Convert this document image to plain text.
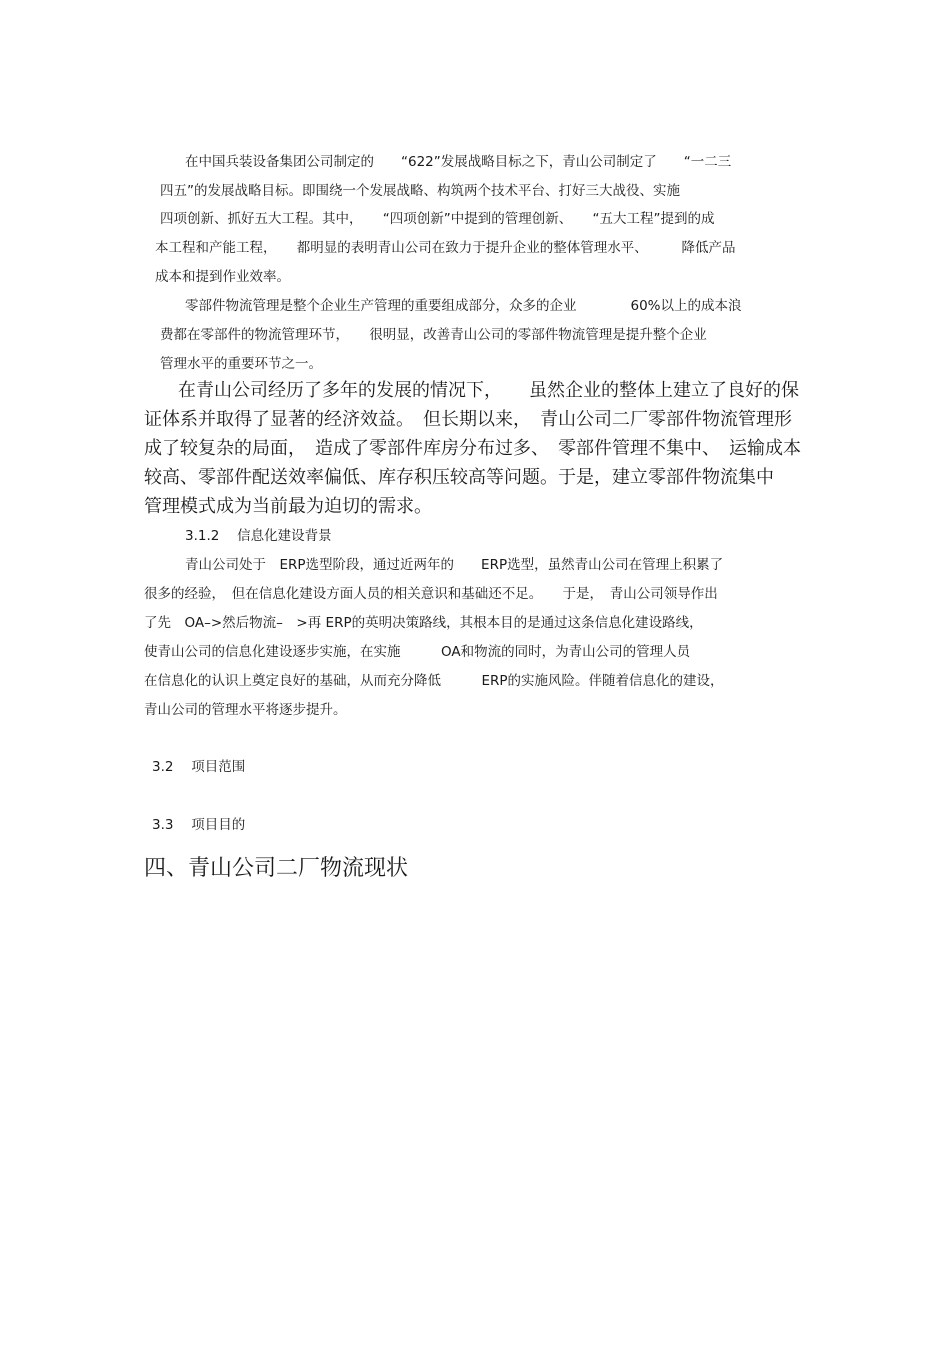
在中国兵装设备集团公司制定的　　“622”发展战略目标之下，青山公司制定了　　“一二三

四五”的发展战略目标。即围绕一个发展战略、构筑两个技术平台、打好三大战役、实施

四项创新、抓好五大工程。其中，　　“四项创新”中提到的管理创新、　　“五大工程”提到的成

本工程和产能工程，　　都明显的表明青山公司在致力于提升企业的整体管理水平、　　　降低产品

成本和提到作业效率。

零部件物流管理是整个企业生产管理的重要组成部分，众多的企业　　　　60%以上的成本浪

费都在零部件的物流管理环节，　　很明显，改善青山公司的零部件物流管理是提升整个企业

管理水平的重要环节之一。

在青山公司经历了多年的发展的情况下，　　虽然企业的整体上建立了良好的保

证体系并取得了显著的经济效益。　但长期以来，　青山公司二厂零部件物流管理形

成了较复杂的局面，　造成了零部件库房分布过多、　零部件管理不集中、　运输成本

较高、零部件配送效率偏低、库存积压较高等问题。于是，建立零部件物流集中

管理模式成为当前最为迫切的需求。

3.1.2　 信息化建设背景

青山公司处于　ERP选型阶段，通过近两年的　　ERP选型，虽然青山公司在管理上积累了

很多的经验，　但在信息化建设方面人员的相关意识和基础还不足。　　于是，　青山公司领导作出

了先　OA–>然后物流–　>再 ERP的英明决策路线，其根本目的是通过这条信息化建设路线，

使青山公司的信息化建设逐步实施，在实施　　　OA和物流的同时，为青山公司的管理人员

在信息化的认识上奠定良好的基础，从而充分降低　　　ERP的实施风险。伴随着信息化的建设，

青山公司的管理水平将逐步提升。

3.2　 项目范围

3.3　 项目目的

四、青山公司二厂物流现状
